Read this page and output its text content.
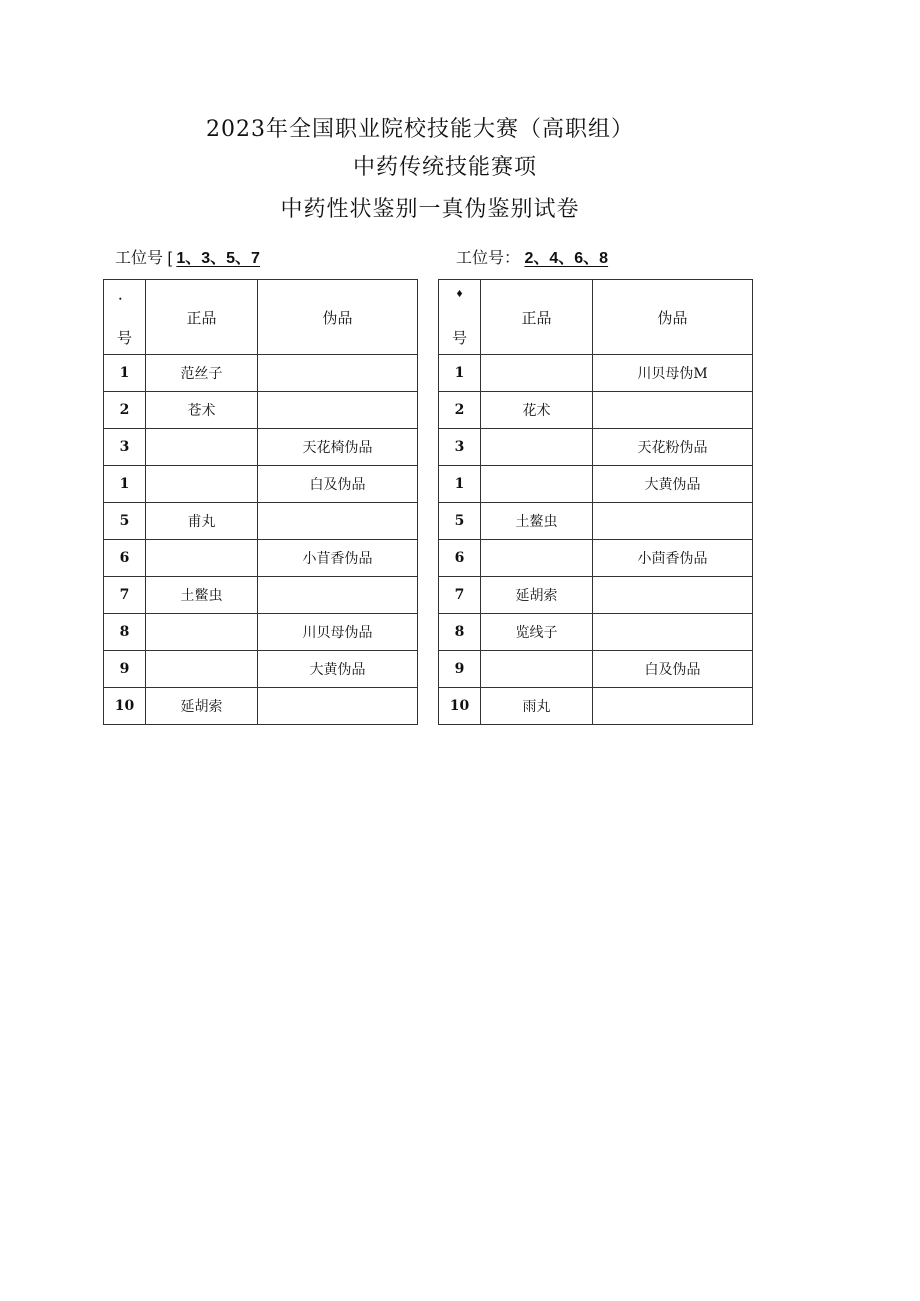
2023年全国职业院校技能大赛（高职组）
中药传统技能赛项
中药性状鉴别一真伪鉴别试卷
工位号 [ 1、3、5、7	工位号： 2、4、6、8
．
号	正品	伪品
1	范丝子	
2	苍术	
3		天花椅伪品
1		白及伪品
5	甫丸	
6		小苜香伪品
7	土鳖虫	
8		川贝母伪品
9		大黄伪品
10	延胡索	
♦
号	正品	伪品
1		川贝母伪M
2	花术	
3		天花粉伪品
1		大黄伪品
5	土鳌虫	
6		小茴香伪品
7	延胡索	
8	览线子	
9		白及伪品
10	雨丸	
